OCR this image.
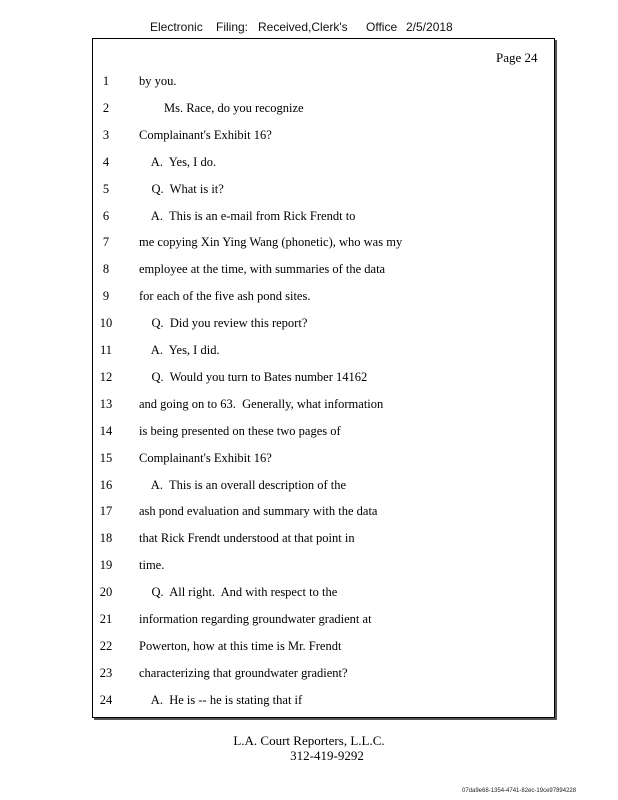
Electronic Filing: Received,Clerk's Office 2/5/2018
Page 24
1	by you.
2	Ms. Race, do you recognize
3	Complainant's Exhibit 16?
4	A.  Yes, I do.
5	Q.  What is it?
6	A.  This is an e-mail from Rick Frendt to
7	me copying Xin Ying Wang (phonetic), who was my
8	employee at the time, with summaries of the data
9	for each of the five ash pond sites.
10	Q.  Did you review this report?
11	A.  Yes, I did.
12	Q.  Would you turn to Bates number 14162
13	and going on to 63.  Generally, what information
14	is being presented on these two pages of
15	Complainant's Exhibit 16?
16	A.  This is an overall description of the
17	ash pond evaluation and summary with the data
18	that Rick Frendt understood at that point in
19	time.
20	Q.  All right.  And with respect to the
21	information regarding groundwater gradient at
22	Powerton, how at this time is Mr. Frendt
23	characterizing that groundwater gradient?
24	A.  He is -- he is stating that if
L.A. Court Reporters, L.L.C.
312-419-9292
07da9e68-1354-4741-82ec-19ce97894228
